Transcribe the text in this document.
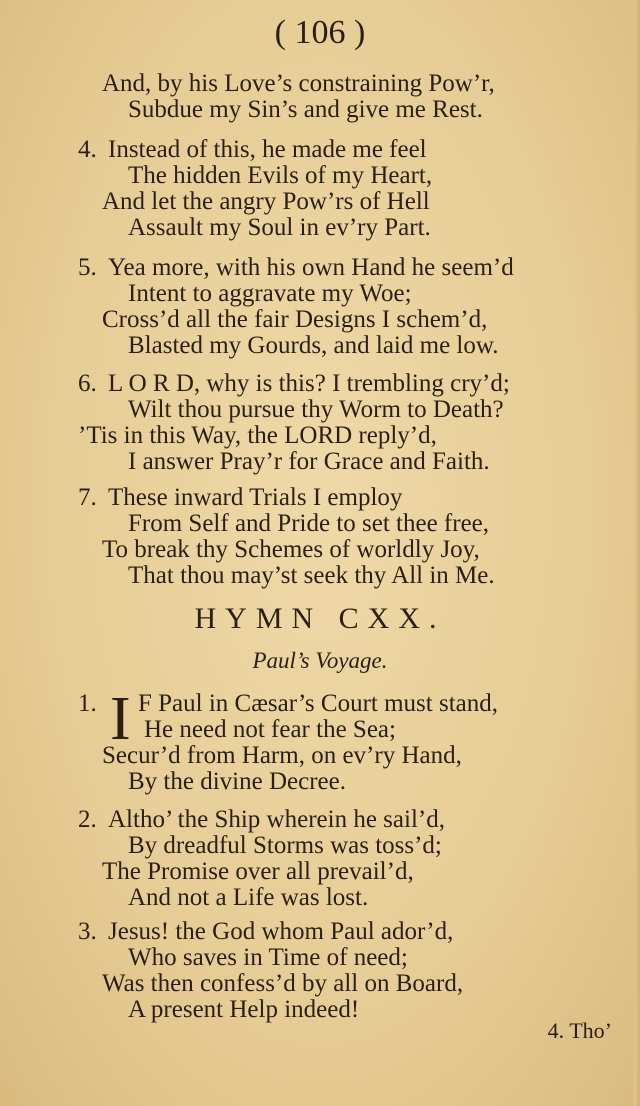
( 106 )
And, by his Love’s constraining Pow’r,
Subdue my Sin’s and give me Rest.
4. Instead of this, he made me feel
The hidden Evils of my Heart,
And let the angry Pow’rs of Hell
Assault my Soul in ev’ry Part.
5. Yea more, with his own Hand he seem’d
Intent to aggravate my Woe;
Cross’d all the fair Designs I schem’d,
Blasted my Gourds, and laid me low.
6. L O R D, why is this? I trembling cry’d;
Wilt thou pursue thy Worm to Death?
’Tis in this Way, the LORD reply’d,
I answer Pray’r for Grace and Faith.
7. These inward Trials I employ
From Self and Pride to set thee free,
To break thy Schemes of worldly Joy,
That thou may’st seek thy All in Me.
HYMN CXX.
Paul’s Voyage.
1. I F Paul in Cæsar’s Court must stand,
He need not fear the Sea;
Secur’d from Harm, on ev’ry Hand,
By the divine Decree.
2. Altho’ the Ship wherein he sail’d,
By dreadful Storms was toss’d;
The Promise over all prevail’d,
And not a Life was lost.
3. Jesus! the God whom Paul ador’d,
Who saves in Time of need;
Was then confess’d by all on Board,
A present Help indeed!
4. Tho’
